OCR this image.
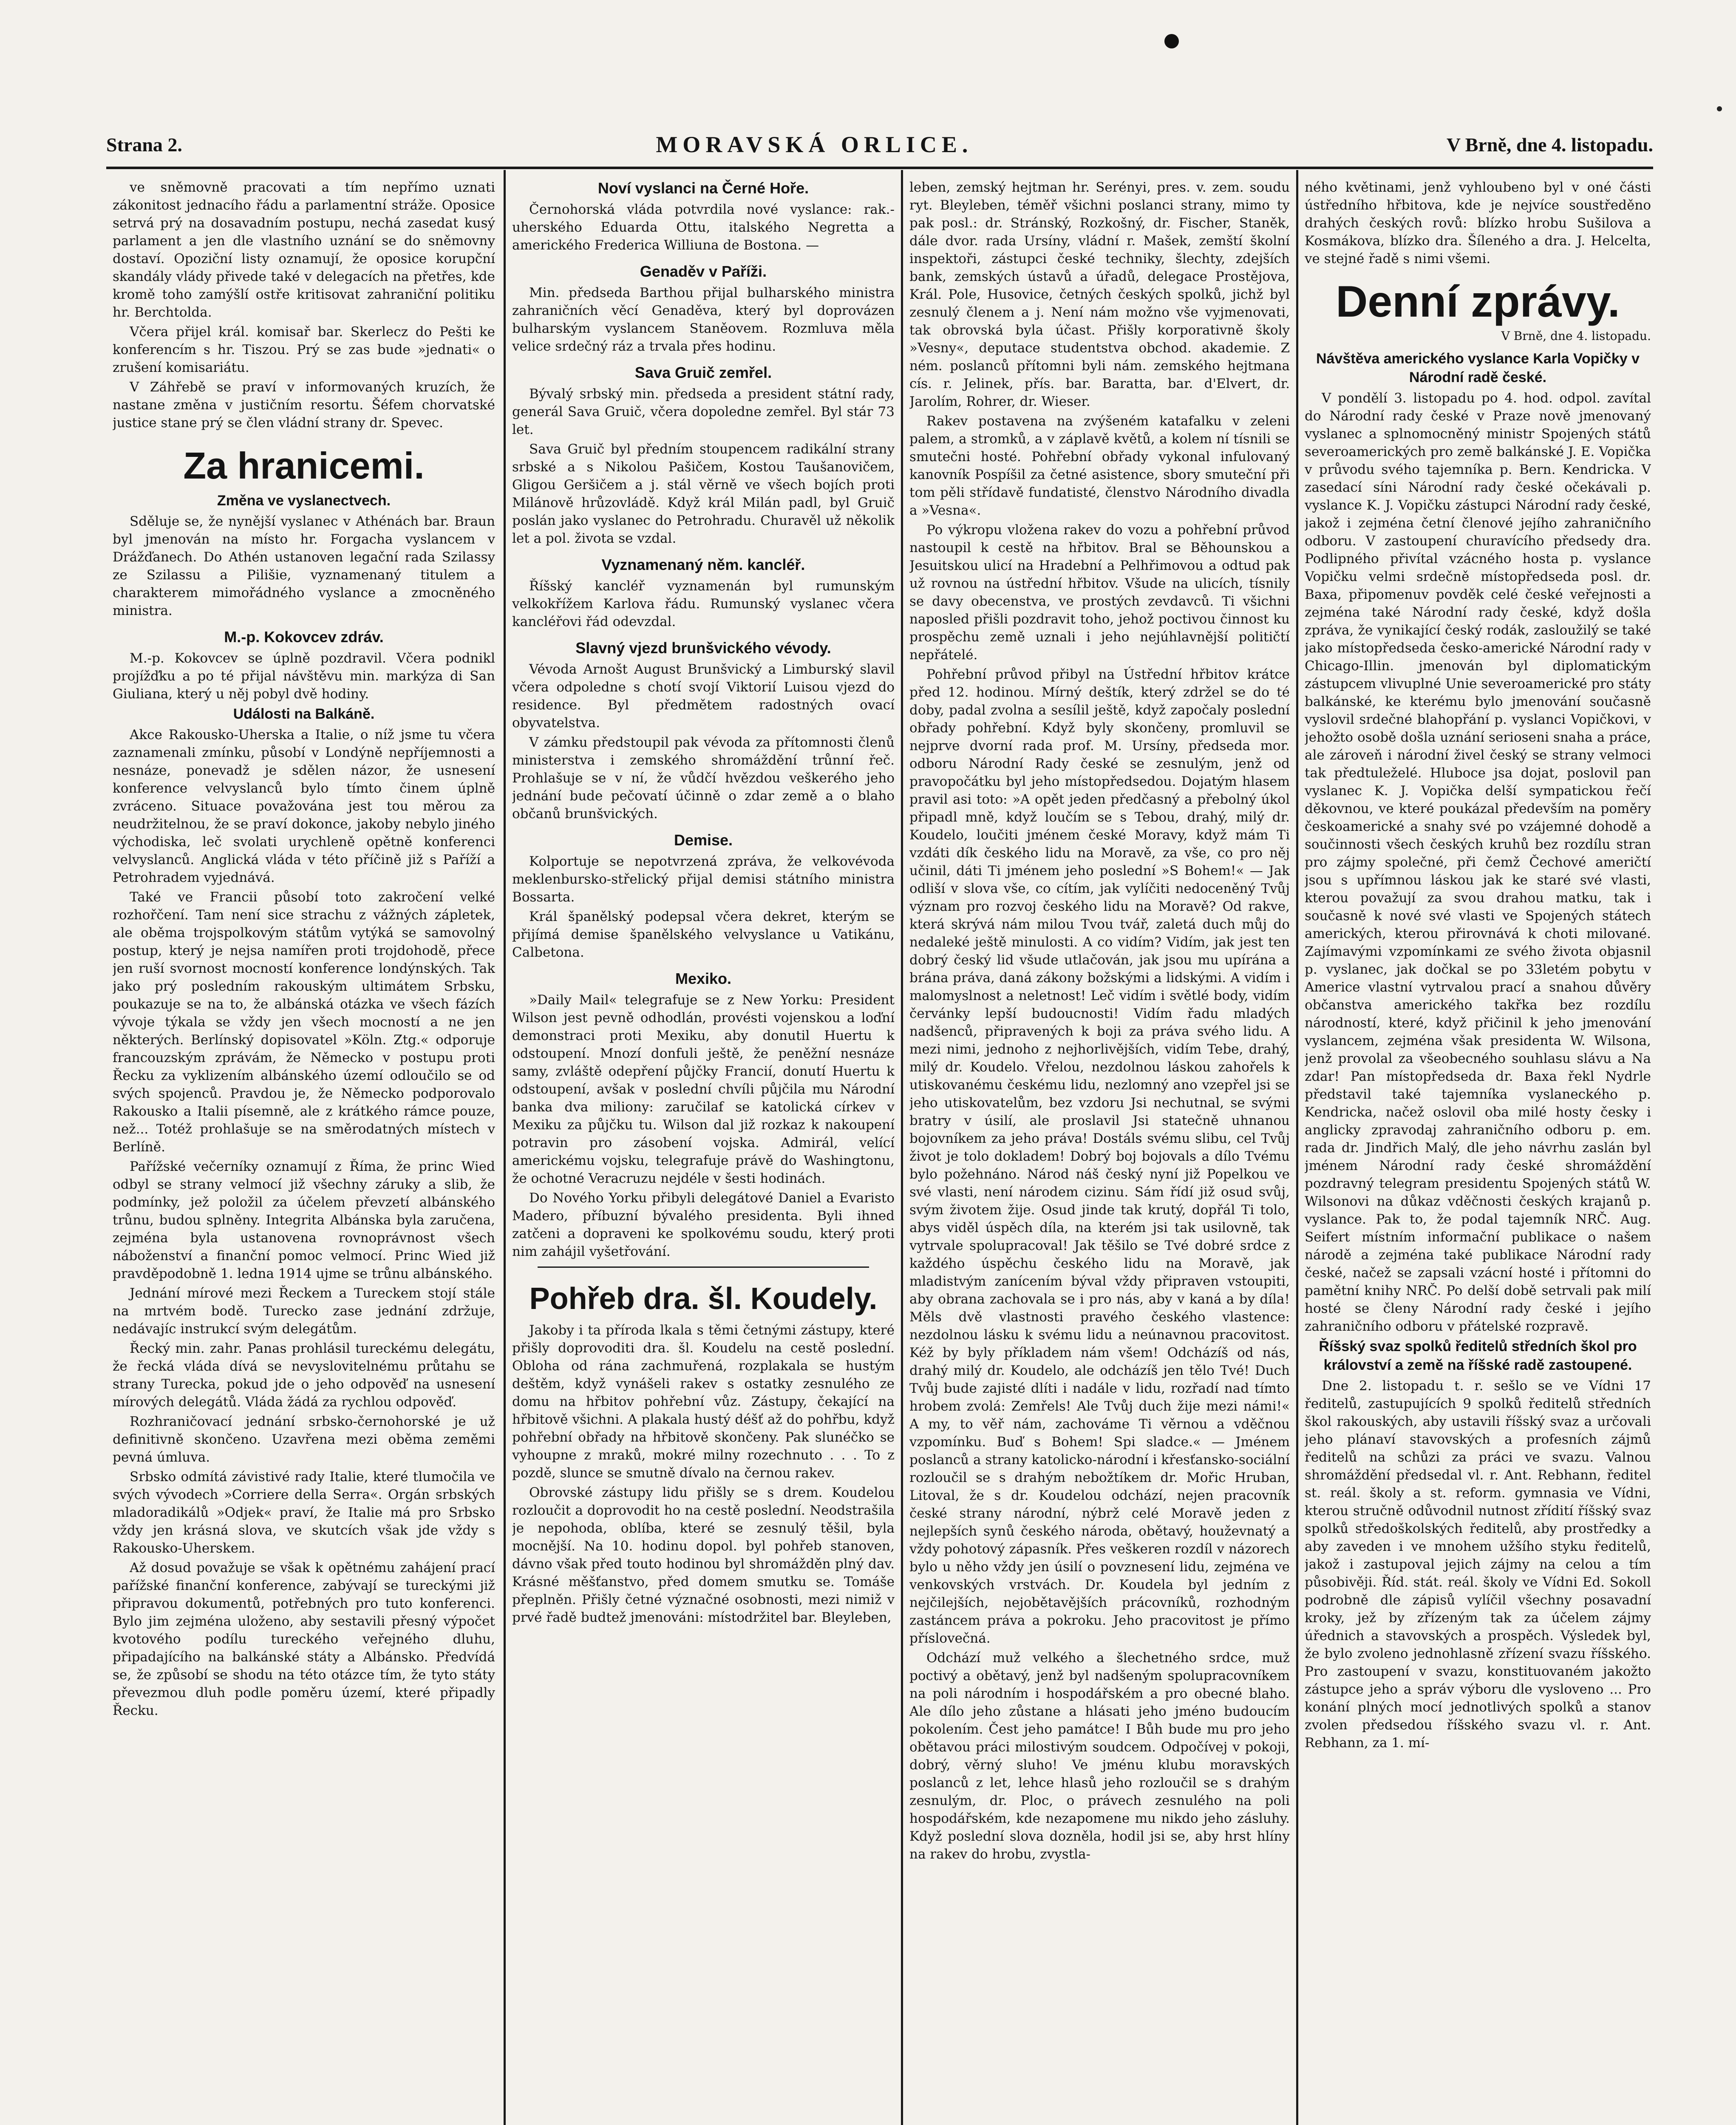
Strana 2.	MORAVSKÁ ORLICE.	V Brně, dne 4. listopadu.

ve sněmovně pracovati a tím nepřímo uznati zákonitost jednacího řádu a parlamentní stráže. Oposice setrvá prý na dosavadním postupu, nechá zasedat kusý parlament a jen dle vlastního uznání se do sněmovny dostaví. Opoziční listy oznamují, že oposice korupční skandály vlády přivede také v delegacích na přetřes, kde kromě toho zamýšlí ostře kritisovat zahraniční politiku hr. Berchtolda.

Včera přijel král. komisař bar. Skerlecz do Pešti ke konferencím s hr. Tiszou. Prý se zas bude »jednati« o zrušení komisariátu.

V Záhřebě se praví v informovaných kruzích, že nastane změna v justičním resortu. Šéfem chorvatské justice stane prý se člen vládní strany dr. Spevec.

Za hranicemi.
Změna ve vyslanectvech.

Sděluje se, že nynější vyslanec v Athénách bar. Braun byl jmenován na místo hr. Forgacha vyslancem v Drážďanech. Do Athén ustanoven legační rada Szilassy ze Szilassu a Pilišie, vyznamenaný titulem a charakterem mimořádného vyslance a zmocněného ministra.

M.-p. Kokovcev zdráv.

M.-p. Kokovcev se úplně pozdravil. Včera podnikl projížďku a po té přijal návštěvu min. markýza di San Giuliana, který u něj pobyl dvě hodiny.

Události na Balkáně.

Akce Rakousko-Uherska a Italie, o níž jsme tu včera zaznamenali zmínku, působí v Londýně nepříjemnosti a nesnáze, ponevadž je sdělen názor, že usnesení konference velvyslanců bylo tímto činem úplně zvráceno. Situace považována jest tou měrou za neudržitelnou, že se praví dokonce, jakoby nebylo jiného východiska, leč svolati urychleně opětně konferenci velvyslanců. Anglická vláda v této příčině již s Paříží a Petrohradem vyjednává.

Také ve Francii působí toto zakročení velké rozhořčení. Tam není sice strachu z vážných zápletek, ale oběma trojspolkovým státům vytýká se samovolný postup, který je nejsa namířen proti trojdohodě, přece jen ruší svornost mocností konference londýnských. Tak jako prý posledním rakouským ultimátem Srbsku, poukazuje se na to, že albánská otázka ve všech fázích vývoje týkala se vždy jen všech mocností a ne jen některých. Berlínský dopisovatel »Köln. Ztg.« odporuje francouzským zprávám, že Německo v postupu proti Řecku za vyklizením albánského území odloučilo se od svých spojenců. Pravdou je, že Německo podporovalo Rakousko a Italii písemně, ale z krátkého rámce pouze, než... Totéž prohlašuje se na směrodatných místech v Berlíně.

Pařížské večerníky oznamují z Říma, že princ Wied odbyl se strany velmocí již všechny záruky a slib, že podmínky, jež položil za účelem převzetí albánského trůnu, budou splněny. Integrita Albánska byla zaručena, zejména byla ustanovena rovnoprávnost všech náboženství a finanční pomoc velmocí. Princ Wied již pravděpodobně 1. ledna 1914 ujme se trůnu albánského.

Jednání mírové mezi Řeckem a Tureckem stojí stále na mrtvém bodě. Turecko zase jednání zdržuje, nedávajíc instrukcí svým delegátům.

Řecký min. zahr. Panas prohlásil tureckému delegátu, že řecká vláda dívá se nevyslovitelnému průtahu se strany Turecka, pokud jde o jeho odpověď na usnesení mírových delegátů. Vláda žádá za rychlou odpověď.

Rozhraničovací jednání srbsko-černohorské je už definitivně skončeno. Uzavřena mezi oběma zeměmi pevná úmluva.

Srbsko odmítá závistivé rady Italie, které tlumočila ve svých vývodech »Corriere della Serra«. Orgán srbských mladoradikálů »Odjek« praví, že Italie má pro Srbsko vždy jen krásná slova, ve skutcích však jde vždy s Rakousko-Uherskem.

Až dosud považuje se však k opětnému zahájení prací pařížské finanční konference, zabývají se tureckými již připravou dokumentů, potřebných pro tuto konferenci. Bylo jim zejména uloženo, aby sestavili přesný výpočet kvotového podílu tureckého veřejného dluhu, připadajícího na balkánské státy a Albánsko. Předvídá se, že způsobí se shodu na této otázce tím, že tyto státy převezmou dluh podle poměru území, které připadly Řecku.

Noví vyslanci na Černé Hoře.

Černohorská vláda potvrdila nové vyslance: rak.-uherského Eduarda Ottu, italského Negretta a amerického Frederica Williuna de Bostona. —

Genaděv v Paříži.

Min. předseda Barthou přijal bulharského ministra zahraničních věcí Genaděva, který byl doprovázen bulharským vyslancem Staněovem. Rozmluva měla velice srdečný ráz a trvala přes hodinu.

Sava Gruič zemřel.

Bývalý srbský min. předseda a president státní rady, generál Sava Gruič, včera dopoledne zemřel. Byl stár 73 let.

Sava Gruič byl předním stoupencem radikální strany srbské a s Nikolou Pašičem, Kostou Taušanovičem, Gligou Geršičem a j. stál věrně ve všech bojích proti Milánově hrůzovládě. Když král Milán padl, byl Gruič poslán jako vyslanec do Petrohradu. Churavěl už několik let a pol. života se vzdal.

Vyznamenaný něm. kancléř.

Říšský kancléř vyznamenán byl rumunským velkokřížem Karlova řádu. Rumunský vyslanec včera kancléřovi řád odevzdal.

Slavný vjezd brunšvického vévody.

Vévoda Arnošt August Brunšvický a Limburský slavil včera odpoledne s chotí svojí Viktorií Luisou vjezd do residence. Byl předmětem radostných ovací obyvatelstva.

V zámku předstoupil pak vévoda za přítomnosti členů ministerstva i zemského shromáždění trůnní řeč. Prohlašuje se v ní, že vůdčí hvězdou veškerého jeho jednání bude pečovatí účinně o zdar země a o blaho občanů brunšvických.

Demise.

Kolportuje se nepotvrzená zpráva, že velkovévoda meklenbursko-střelický přijal demisi státního ministra Bossarta.

Král španělský podepsal včera dekret, kterým se přijímá demise španělského velvyslance u Vatikánu, Calbetona.

Mexiko.

»Daily Mail« telegrafuje se z New Yorku: President Wilson jest pevně odhodlán, provésti vojenskou a loďní demonstraci proti Mexiku, aby donutil Huertu k odstoupení. Mnozí donfuli ještě, že peněžní nesnáze samy, zvláště odepření půjčky Francií, donutí Huertu k odstoupení, avšak v poslední chvíli půjčila mu Národní banka dva miliony: zaručilaf se katolická církev v Mexiku za půjčku tu. Wilson dal již rozkaz k nakoupení potravin pro zásobení vojska. Admirál, velící americkému vojsku, telegrafuje právě do Washingtonu, že ochotné Veracruzu nejdéle v šesti hodinách.

Do Nového Yorku přibyli delegátové Daniel a Evaristo Madero, příbuzní bývalého presidenta. Byli ihned zatčeni a dopraveni ke spolkovému soudu, který proti nim zahájil vyšetřování.

Pohřeb dra. šl. Koudely.

Jakoby i ta příroda lkala s těmi četnými zástupy, které přišly doprovoditi dra. šl. Koudelu na cestě poslední. Obloha od rána zachmuřená, rozplakala se hustým deštěm, když vynášeli rakev s ostatky zesnulého ze domu na hřbitov pohřební vůz. Zástupy, čekající na hřbitově všichni. A plakala hustý déšť až do pohřbu, když pohřební obřady na hřbitově skončeny. Pak slunéčko se vyhoupne z mraků, mokré milny rozechnuto . . . To z pozdě, slunce se smutně dívalo na černou rakev.

Obrovské zástupy lidu přišly se s drem. Koudelou rozloučit a doprovodit ho na cestě poslední. Neodstrašila je nepohoda, oblíba, které se zesnulý těšil, byla mocnější. Na 10. hodinu dopol. byl pohřeb stanoven, dávno však před touto hodinou byl shromážděn plný dav. Krásné měšťanstvo, před domem smutku se. Tomáše přeplněn. Přišly četné význačné osobnosti, mezi nimiž v prvé řadě budtež jmenováni: místodržitel bar. Bleyleben,

leben, zemský hejtman hr. Serényi, pres. v. zem. soudu ryt. Bleyleben, téměř všichni poslanci strany, mimo ty pak posl.: dr. Stránský, Rozkošný, dr. Fischer, Staněk, dále dvor. rada Ursíny, vládní r. Mašek, zemští školní inspektoři, zástupci české techniky, šlechty, zdejších bank, zemských ústavů a úřadů, delegace Prostějova, Král. Pole, Husovice, četných českých spolků, jichž byl zesnulý členem a j. Není nám možno vše vyjmenovati, tak obrovská byla účast. Přišly korporativně školy »Vesny«, deputace studentstva obchod. akademie. Z ném. poslanců přítomni byli nám. zemského hejtmana cís. r. Jelinek, přís. bar. Baratta, bar. d'Elvert, dr. Jarolím, Rohrer, dr. Wieser.

Rakev postavena na zvýšeném katafalku v zeleni palem, a stromků, a v záplavě květů, a kolem ní tísnili se smutečni hosté. Pohřební obřady vykonal infulovaný kanovník Pospíšil za četné asistence, sbory smuteční při tom pěli střídavě fundatisté, členstvo Národního divadla a »Vesna«.

Po výkropu vložena rakev do vozu a pohřební průvod nastoupil k cestě na hřbitov. Bral se Běhounskou a Jesuitskou ulicí na Hradební a Pelhřimovou a odtud pak už rovnou na ústřední hřbitov. Všude na ulicích, tísnily se davy obecenstva, ve prostých zevdavců. Ti všichni naposled přišli pozdravit toho, jehož poctivou činnost ku prospěchu země uznali i jeho nejúhlavnější političtí nepřátelé.

Pohřební průvod přibyl na Ústřední hřbitov krátce před 12. hodinou. Mírný deštík, který zdržel se do té doby, padal zvolna a sesílil ještě, když započaly poslední obřady pohřební. Když byly skončeny, promluvil se nejprve dvorní rada prof. M. Ursíny, předseda mor. odboru Národní Rady české se zesnulým, jenž od pravopočátku byl jeho místopředsedou. Dojatým hlasem pravil asi toto: »A opět jeden předčasný a přebolný úkol připadl mně, když loučím se s Tebou, drahý, milý dr. Koudelo, loučiti jménem české Moravy, když mám Ti vzdáti dík českého lidu na Moravě, za vše, co pro něj učinil, dáti Ti jménem jeho poslední »S Bohem!« — Jak odliší v slova vše, co cítím, jak vylíčiti nedoceněný Tvůj význam pro rozvoj českého lidu na Moravě? Od rakve, která skrývá nám milou Tvou tvář, zaletá duch můj do nedaleké ještě minulosti. A co vidím? Vidím, jak jest ten dobrý český lid všude utlačován, jak jsou mu upírána a brána práva, daná zákony božskými a lidskými. A vidím i malomyslnost a neletnost! Leč vidím i světlé body, vidím červánky lepší budoucnosti! Vidím řadu mladých nadšenců, připravených k boji za práva svého lidu. A mezi nimi, jednoho z nejhorlivějších, vidím Tebe, drahý, milý dr. Koudelo. Vřelou, nezdolnou láskou zahořels k utiskovanému českému lidu, nezlomný ano vzepřel jsi se jeho utiskovatelům, bez vzdoru Jsi nechutnal, se svými bratry v úsilí, ale proslavil Jsi statečně uhnanou bojovníkem za jeho práva! Dostáls svému slibu, cel Tvůj život je tolo dokladem! Dobrý boj bojovals a dílo Tvému bylo požehnáno. Národ náš český nyní již Popelkou ve své vlasti, není národem cizinu. Sám řídí již osud svůj, svým životem žije. Osud jinde tak krutý, dopřál Ti tolo, abys viděl úspěch díla, na kterém jsi tak usilovně, tak vytrvale spolupracoval! Jak těšilo se Tvé dobré srdce z každého úspěchu českého lidu na Moravě, jak mladistvým zanícením býval vždy připraven vstoupiti, aby obrana zachovala se i pro nás, aby v kaná a by díla! Měls dvě vlastnosti pravého českého vlastence: nezdolnou lásku k svému lidu a neúnavnou pracovitost. Kéž by byly příkladem nám všem! Odcházíš od nás, drahý milý dr. Koudelo, ale odcházíš jen tělo Tvé! Duch Tvůj bude zajisté dlíti i nadále v lidu, rozřadí nad tímto hrobem zvolá: Zemřels! Ale Tvůj duch žije mezi námi!« A my, to věř nám, zachováme Ti věrnou a vděčnou vzpomínku. Buď s Bohem! Spi sladce.« — Jménem poslanců a strany katolicko-národní i křesťansko-sociální rozloučil se s drahým nebožtíkem dr. Mořic Hruban, Litoval, že s dr. Koudelou odchází, nejen pracovník české strany národní, nýbrž celé Moravě jeden z nejlepších synů českého národa, obětavý, houževnatý a vždy pohotový zápasník. Přes veškeren rozdíl v názorech bylo u něho vždy jen úsilí o povznesení lidu, zejména ve venkovských vrstvách. Dr. Koudela byl jedním z nejčilejších, nejobětavějších prácovníků, rozhodným zastáncem práva a pokroku. Jeho pracovitost je přímo příslovečná.

Odchází muž velkého a šlechetného srdce, muž poctivý a obětavý, jenž byl nadšeným spolupracovníkem na poli národním i hospodářském a pro obecné blaho. Ale dílo jeho zůstane a hlásati jeho jméno budoucím pokolením. Čest jeho památce! I Bůh bude mu pro jeho obětavou práci milostivým soudcem. Odpočívej v pokoji, dobrý, věrný sluho! Ve jménu klubu moravských poslanců z let, lehce hlasů jeho rozloučil se s drahým zesnulým, dr. Ploc, o právech zesnulého na poli hospodářském, kde nezapomene mu nikdo jeho zásluhy. Když poslední slova dozněla, hodil jsi se, aby hrst hlíny na rakev do hrobu, zvystla-

ného květinami, jenž vyhloubeno byl v oné části ústředního hřbitova, kde je nejvíce soustředěno drahých českých rovů: blízko hrobu Sušilova a Kosmákova, blízko dra. Šíleného a dra. J. Helcelta, ve stejné řadě s nimi všemi.

Denní zprávy.
V Brně, dne 4. listopadu.
Návštěva amerického vyslance Karla Vopičky v Národní radě české.

V pondělí 3. listopadu po 4. hod. odpol. zavítal do Národní rady české v Praze nově jmenovaný vyslanec a splnomocněný ministr Spojených států severoamerických pro země balkánské J. E. Vopička v průvodu svého tajemníka p. Bern. Kendricka. V zasedací síni Národní rady české očekávali p. vyslance K. J. Vopičku zástupci Národní rady české, jakož i zejména četní členové jejího zahraničního odboru. V zastoupení churavícího předsedy dra. Podlipného přivítal vzácného hosta p. vyslance Vopičku velmi srdečně místopředseda posl. dr. Baxa, připomenuv povděk celé české veřejnosti a zejména také Národní rady české, když došla zpráva, že vynikající český rodák, zasloužilý se také jako místopředseda česko-americké Národní rady v Chicago-Illin. jmenován byl diplomatickým zástupcem vlivuplné Unie severoamerické pro státy balkánské, ke kterému bylo jmenování současně vyslovil srdečné blahopřání p. vyslanci Vopičkovi, v jehožto osobě došla uznání serioseni snaha a práce, ale zároveň i národní živel český se strany velmoci tak předtuleželé. Hluboce jsa dojat, poslovil pan vyslanec K. J. Vopička delší sympatickou řečí děkovnou, ve které poukázal především na poměry českoamerické a snahy své po vzájemné dohodě a součinnosti všech českých kruhů bez rozdílu stran pro zájmy společné, při čemž Čechové američtí jsou s upřímnou láskou jak ke staré své vlasti, kterou považují za svou drahou matku, tak i současně k nové své vlasti ve Spojených státech amerických, kterou přirovnává k choti milované. Zajímavými vzpomínkami ze svého života objasnil p. vyslanec, jak dočkal se po 33letém pobytu v Americe vlastní vytrvalou prací a snahou důvěry občanstva amerického takřka bez rozdílu národností, které, když přičinil k jeho jmenování vyslancem, zejména však presidenta W. Wilsona, jenž provolal za všeobecného souhlasu slávu a Na zdar! Pan místopředseda dr. Baxa řekl Nydrle představil také tajemníka vyslaneckého p. Kendricka, načež oslovil oba milé hosty česky i anglicky zpravodaj zahraničního odboru p. em. rada dr. Jindřich Malý, dle jeho návrhu zaslán byl jménem Národní rady české shromáždění pozdravný telegram presidentu Spojených států W. Wilsonovi na důkaz vděčnosti českých krajanů p. vyslance. Pak to, že podal tajemník NRČ. Aug. Seifert místním informační publikace o našem národě a zejména také publikace Národní rady české, načež se zapsali vzácní hosté i přítomni do pamětní knihy NRČ. Po delší době setrvali pak milí hosté se členy Národní rady české i jejího zahraničního odboru v přátelské rozpravě.

Říšský svaz spolků ředitelů středních škol pro království a země na říšské radě zastoupené.

Dne 2. listopadu t. r. sešlo se ve Vídni 17 ředitelů, zastupujících 9 spolků ředitelů středních škol rakouských, aby ustavili říšský svaz a určovali jeho plánaví stavovských a profesních zájmů ředitelů na schůzi za práci ve svazu. Valnou shromáždění předsedal vl. r. Ant. Rebhann, ředitel st. reál. školy a st. reform. gymnasia ve Vídni, kterou stručně odůvodnil nutnost zřídití říšský svaz spolků středoškolských ředitelů, aby prostředky a aby zaveden i ve mnohem užšího styku ředitelů, jakož i zastupoval jejich zájmy na celou a tím působivěji. Říd. stát. reál. školy ve Vídni Ed. Sokoll podrobně dle zápisů vylíčil všechny posavadní kroky, jež by zřízeným tak za účelem zájmy úřednich a stavovských a prospěch. Výsledek byl, že bylo zvoleno jednohlasně zřízení svazu říšského. Pro zastoupení v svazu, konstituovaném jakožto zástupce jeho a správ výboru dle vysloveno ... Pro konání plných mocí jednotlivých spolků a stanov zvolen předsedou říšského svazu vl. r. Ant. Rebhann, za 1. mí-
